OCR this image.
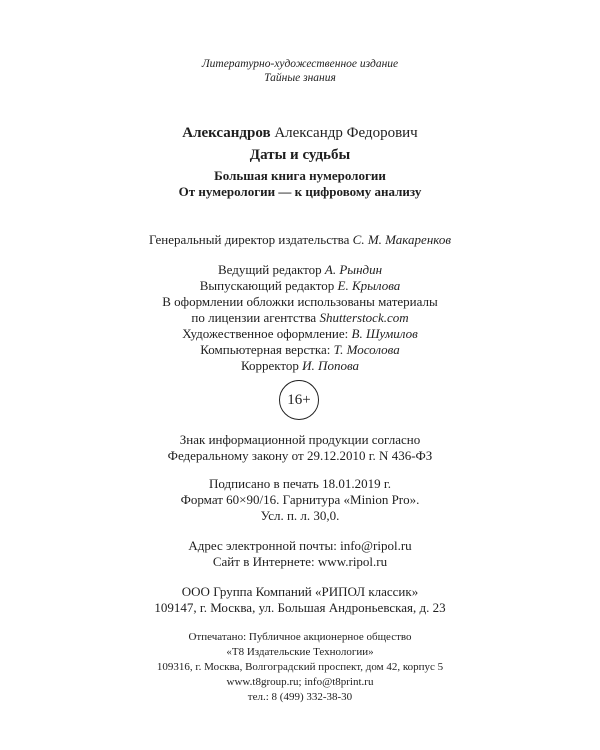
Литературно-художественное издание
Тайные знания
Александров Александр Федорович
Даты и судьбы
Большая книга нумерологии
От нумерологии — к цифровому анализу
Генеральный директор издательства С. М. Макаренков
Ведущий редактор А. Рындин
Выпускающий редактор Е. Крылова
В оформлении обложки использованы материалы
по лицензии агентства Shutterstock.com
Художественное оформление: В. Шумилов
Компьютерная верстка: Т. Мосолова
Корректор И. Попова
16+
Знак информационной продукции согласно
Федеральному закону от 29.12.2010 г. N 436-ФЗ
Подписано в печать 18.01.2019 г.
Формат 60×90/16. Гарнитура «Minion Pro».
Усл. п. л. 30,0.
Адрес электронной почты: info@ripol.ru
Сайт в Интернете: www.ripol.ru
ООО Группа Компаний «РИПОЛ классик»
109147, г. Москва, ул. Большая Андроньевская, д. 23
Отпечатано: Публичное акционерное общество
«Т8 Издательские Технологии»
109316, г. Москва, Волгоградский проспект, дом 42, корпус 5
www.t8group.ru; info@t8print.ru
тел.: 8 (499) 332-38-30
